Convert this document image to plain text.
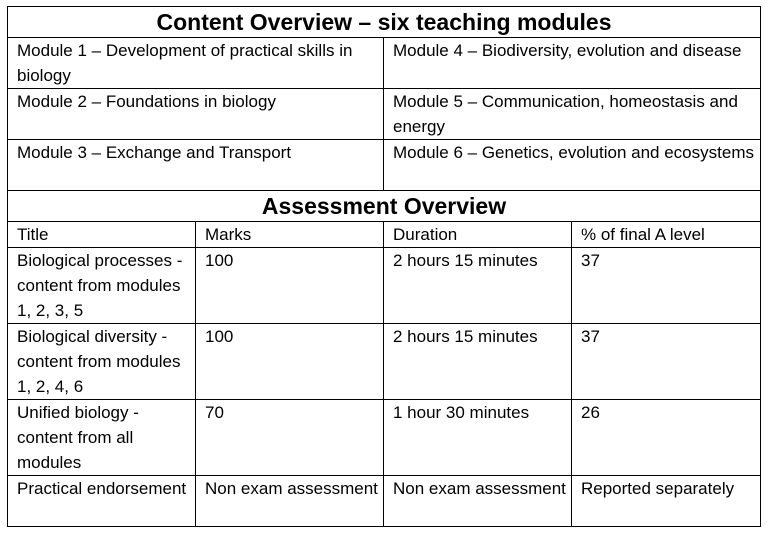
Content Overview – six teaching modules			
Module 1 – Development of practical skills in biology		Module 4 – Biodiversity, evolution and disease	
Module 2 – Foundations in biology		Module 5 – Communication, homeostasis and energy	
Module 3 – Exchange and Transport		Module 6 – Genetics, evolution and ecosystems	
Assessment Overview			
Title	Marks	Duration	% of final A level
Biological processes - content from modules 1, 2, 3, 5	100	2 hours 15 minutes	37
Biological diversity - content from modules 1, 2, 4, 6	100	2 hours 15 minutes	37
Unified biology - content from all modules	70	1 hour 30 minutes	26
Practical endorsement	Non exam assessment	Non exam assessment	Reported separately
